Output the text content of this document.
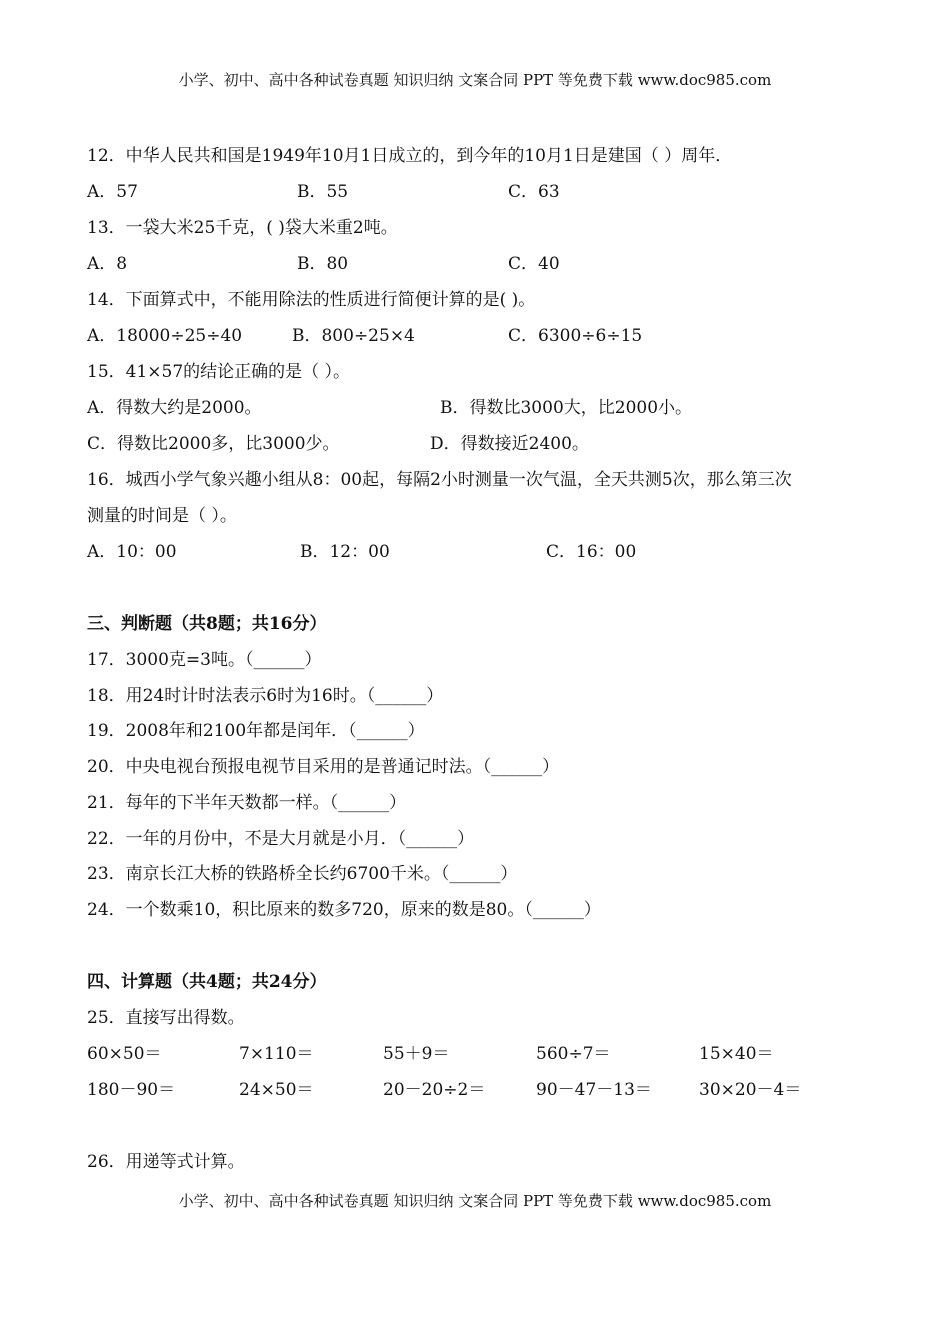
小学、初中、高中各种试卷真题 知识归纳 文案合同 PPT 等免费下载 www.doc985.com
12．中华人民共和国是1949年10月1日成立的，到今年的10月1日是建国（ ）周年．
A．57	B．55	C．63
13．一袋大米25千克，( )袋大米重2吨。
A．8	B．80	C．40
14．下面算式中，不能用除法的性质进行简便计算的是( )。
A．18000÷25÷40	B．800÷25×4	C．6300÷6÷15
15．41×57的结论正确的是（ ）。
A．得数大约是2000。	B．得数比3000大，比2000小。
C．得数比2000多，比3000少。	D．得数接近2400。
16．城西小学气象兴趣小组从8：00起，每隔2小时测量一次气温，全天共测5次，那么第三次
测量的时间是（ ）。
A．10：00	B．12：00	C．16：00
三、判断题（共8题；共16分）
17．3000克=3吨。（______）
18．用24时计时法表示6时为16时。（______）
19．2008年和2100年都是闰年．（______）
20．中央电视台预报电视节目采用的是普通记时法。（______）
21．每年的下半年天数都一样。（______）
22．一年的月份中，不是大月就是小月．（______）
23．南京长江大桥的铁路桥全长约6700千米。（______）
24．一个数乘10，积比原来的数多720，原来的数是80。（______）
四、计算题（共4题；共24分）
25．直接写出得数。
60×50＝	7×110＝	55＋9＝	560÷7＝	15×40＝
180－90＝	24×50＝	20－20÷2＝	90－47－13＝	30×20－4＝
26．用递等式计算。
小学、初中、高中各种试卷真题 知识归纳 文案合同 PPT 等免费下载 www.doc985.com
